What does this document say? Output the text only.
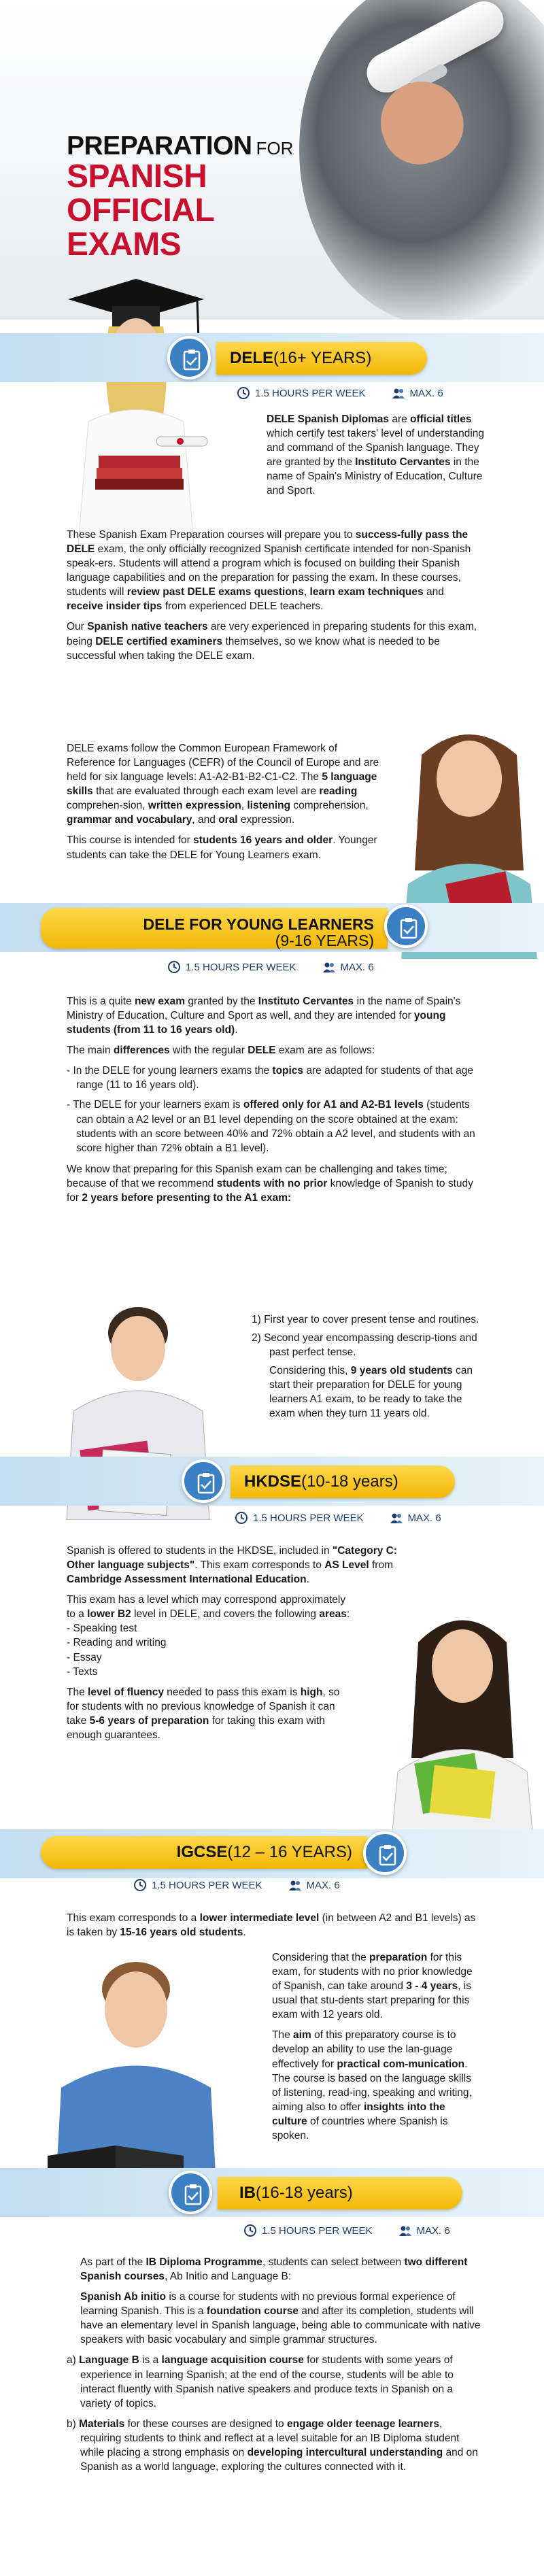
PREPARATION FOR
SPANISH
OFFICIAL
EXAMS
DELE (16+ YEARS)
1.5 HOURS PER WEEK	MAX. 6

DELE Spanish Diplomas are official titles which certify test takers' level of understanding and command of the Spanish language. They are granted by the Instituto Cervantes in the name of Spain's Ministry of Education, Culture and Sport.

These Spanish Exam Preparation courses will prepare you to success-fully pass the DELE exam, the only officially recognized Spanish certificate intended for non-Spanish speak-ers. Students will attend a program which is focused on building their Spanish language capabilities and on the preparation for passing the exam. In these courses, students will review past DELE exams questions, learn exam techniques and receive insider tips from experienced DELE teachers.

Our Spanish native teachers are very experienced in preparing students for this exam, being DELE certified examiners themselves, so we know what is needed to be successful when taking the DELE exam.

DELE exams follow the Common European Framework of Reference for Languages (CEFR) of the Council of Europe and are held for six language levels: A1-A2-B1-B2-C1-C2. The 5 language skills that are evaluated through each exam level are reading comprehen-sion, written expression, listening comprehension, grammar and vocabulary, and oral expression.

This course is intended for students 16 years and older. Younger students can take the DELE for Young Learners exam.

DELE FOR YOUNG LEARNERS
(9-16 YEARS)
1.5 HOURS PER WEEK	MAX. 6

This is a quite new exam granted by the Instituto Cervantes in the name of Spain's Ministry of Education, Culture and Sport as well, and they are intended for young students (from 11 to 16 years old).

The main differences with the regular DELE exam are as follows:

- In the DELE for young learners exams the topics are adapted for students of that age range (11 to 16 years old).
- The DELE for your learners exam is offered only for A1 and A2-B1 levels (students can obtain a A2 level or an B1 level depending on the score obtained at the exam: students with an score between 40% and 72% obtain a A2 level, and students with an score higher than 72% obtain a B1 level).

We know that preparing for this Spanish exam can be challenging and takes time; because of that we recommend students with no prior knowledge of Spanish to study for 2 years before presenting to the A1 exam:

1) First year to cover present tense and routines.
2) Second year encompassing descrip-tions and past perfect tense.

Considering this, 9 years old students can start their preparation for DELE for young learners A1 exam, to be ready to take the exam when they turn 11 years old.

HKDSE (10-18 years)
1.5 HOURS PER WEEK	MAX. 6

Spanish is offered to students in the HKDSE, included in "Category C: Other language subjects". This exam corresponds to AS Level from Cambridge Assessment International Education.

This exam has a level which may correspond approximately to a lower B2 level in DELE, and covers the following areas:
- Speaking test
- Reading and writing
- Essay
- Texts

The level of fluency needed to pass this exam is high, so for students with no previous knowledge of Spanish it can take 5-6 years of preparation for taking this exam with enough guarantees.

IGCSE (12 – 16 YEARS)
1.5 HOURS PER WEEK	MAX. 6

This exam corresponds to a lower intermediate level (in between A2 and B1 levels) as is taken by 15-16 years old students.

Considering that the preparation for this exam, for students with no prior knowledge of Spanish, can take around 3 - 4 years, is usual that stu-dents start preparing for this exam with 12 years old.

The aim of this preparatory course is to develop an ability to use the lan-guage effectively for practical com-munication. The course is based on the language skills of listening, read-ing, speaking and writing, aiming also to offer insights into the culture of countries where Spanish is spoken.

IB (16-18 years)
1.5 HOURS PER WEEK	MAX. 6

As part of the IB Diploma Programme, students can select between two different Spanish courses, Ab Initio and Language B:

Spanish Ab initio is a course for students with no previous formal experience of learning Spanish. This is a foundation course and after its completion, students will have an elementary level in Spanish language, being able to communicate with native speakers with basic vocabulary and simple grammar structures.

a) Language B is a language acquisition course for students with some years of experience in learning Spanish; at the end of the course, students will be able to interact fluently with Spanish native speakers and produce texts in Spanish on a variety of topics.

b) Materials for these courses are designed to engage older teenage learners, requiring students to think and reflect at a level suitable for an IB Diploma student while placing a strong emphasis on developing intercultural understanding and on Spanish as a world language, exploring the cultures connected with it.
